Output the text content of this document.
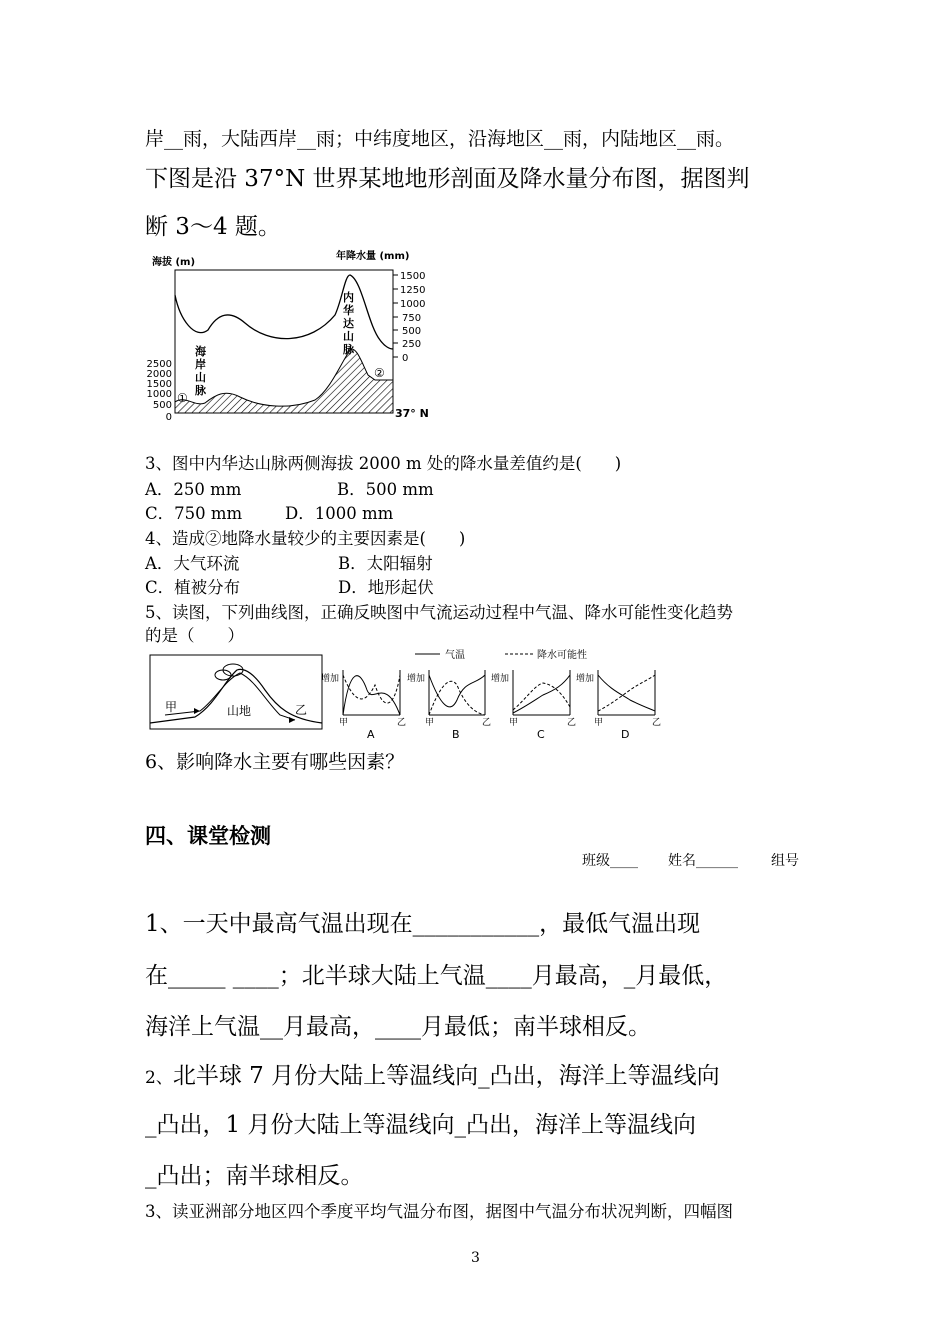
岸__雨，大陆西岸__雨；中纬度地区，沿海地区__雨，内陆地区__雨。
下图是沿 37°N 世界某地地形剖面及降水量分布图，据图判
断 3～4 题。
海拔 (m)
年降水量 (mm)
2500
2000
1500
1000
500
0
1500
1250
1000
750
500
250
0
海
岸
山
脉
内
华
达
山
脉
①
②
37° N
3、图中内华达山脉两侧海拔 2000 m 处的降水量差值约是(　　)
A．250 mm	B．500 mm
C．750 mm	D．1000 mm
4、造成②地降水量较少的主要因素是(　　)
A．大气环流	B．太阳辐射
C．植被分布	D．地形起伏
5、读图，下列曲线图，正确反映图中气流运动过程中气温、降水可能性变化趋势
的是（　　）
甲	山地	乙
气温	降水可能性
增加
甲	乙
A
增加
甲	乙
B
增加
甲	乙
C
增加
甲	乙
D
6、影响降水主要有哪些因素？
四、课堂检测
班级____ 姓名______ 组号
1、一天中最高气温出现在___________，最低气温出现
在_____ ____；北半球大陆上气温____月最高，_月最低，
海洋上气温__月最高，____月最低；南半球相反。
2、北半球 7 月份大陆上等温线向_凸出，海洋上等温线向
_凸出，1 月份大陆上等温线向_凸出，海洋上等温线向
_凸出；南半球相反。
3、读亚洲部分地区四个季度平均气温分布图，据图中气温分布状况判断，四幅图
3
